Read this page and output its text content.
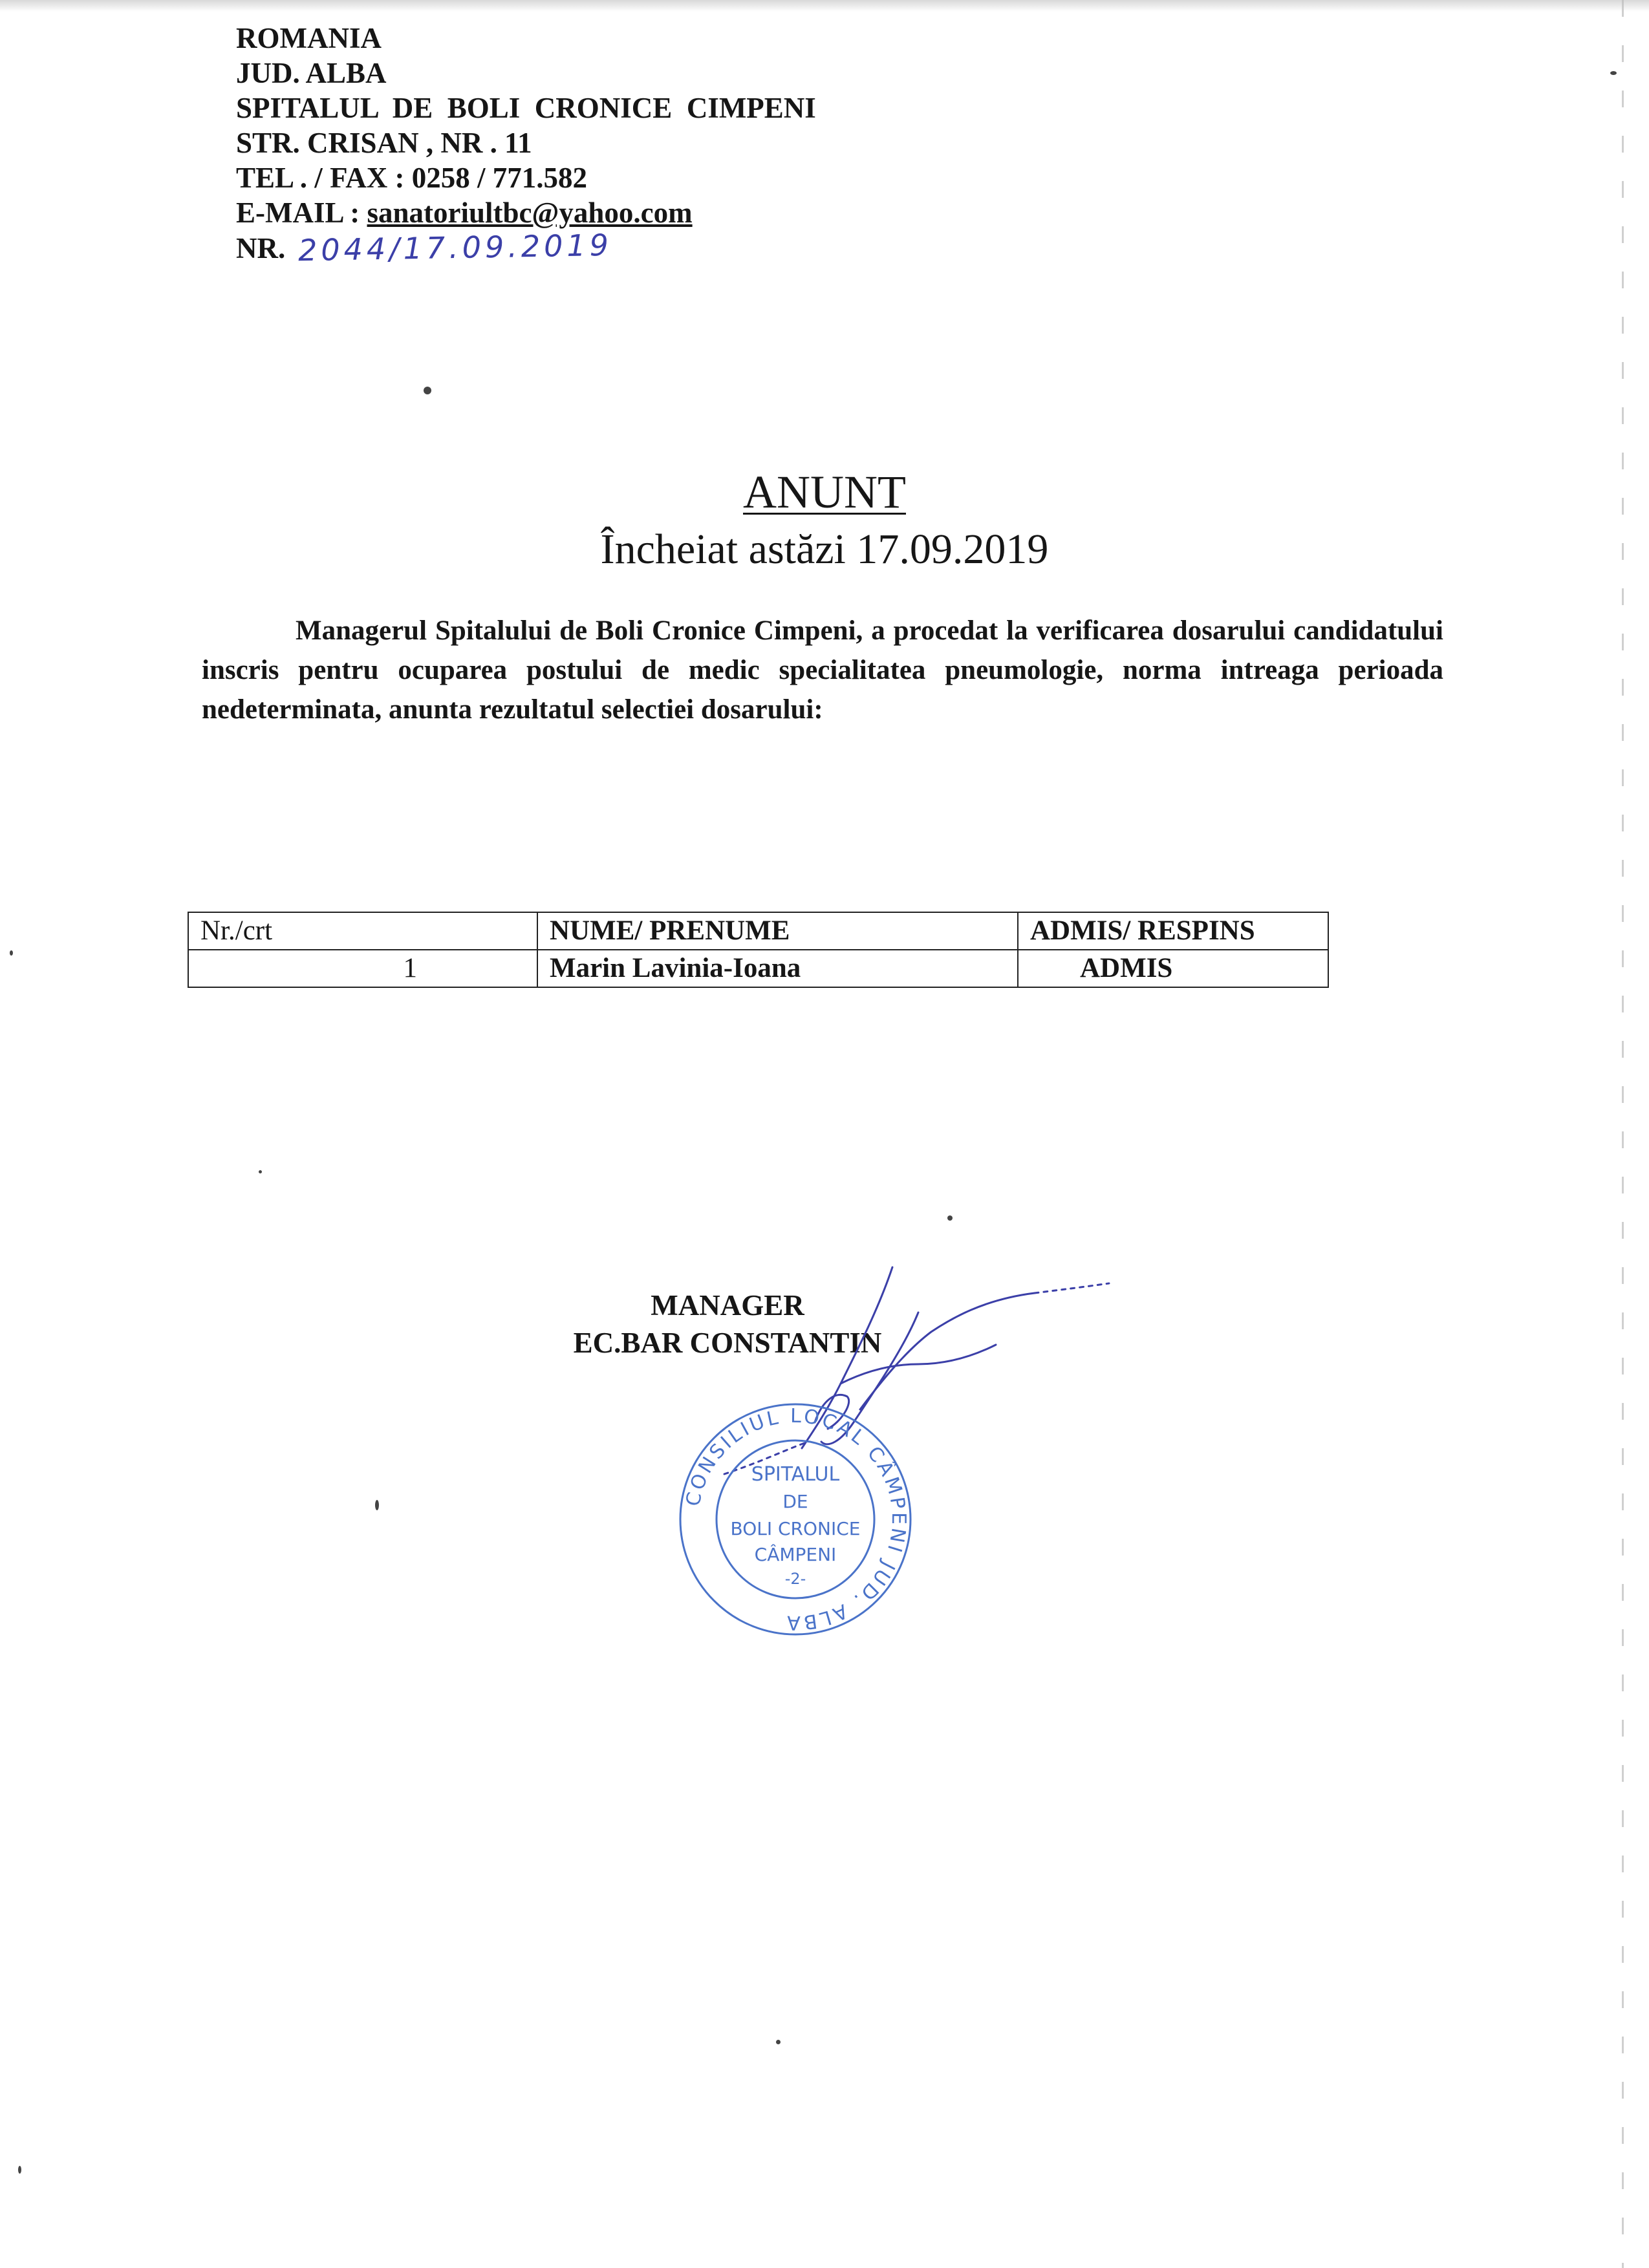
ROMANIA
JUD. ALBA
SPITALUL  DE  BOLI  CRONICE  CIMPENI
STR. CRISAN , NR . 11
TEL . / FAX : 0258 / 771.582
E-MAIL : sanatoriultbc@yahoo.com
NR. 2044/17.09.2019
ANUNT
Încheiat astăzi 17.09.2019
Managerul Spitalului de Boli Cronice Cimpeni, a procedat la verificarea dosarului candidatului inscris pentru ocuparea postului de medic specialitatea pneumologie, norma intreaga perioada nedeterminata, anunta rezultatul selectiei dosarului:
Nr./crt	NUME/ PRENUME	ADMIS/ RESPINS
1	Marin Lavinia-Ioana	ADMIS
MANAGER
EC.BAR CONSTANTIN
CONSILIUL LOCAL CÂMPENI JUD. ALBA
SPITALUL
DE
BOLI CRONICE
CÂMPENI
-2-
